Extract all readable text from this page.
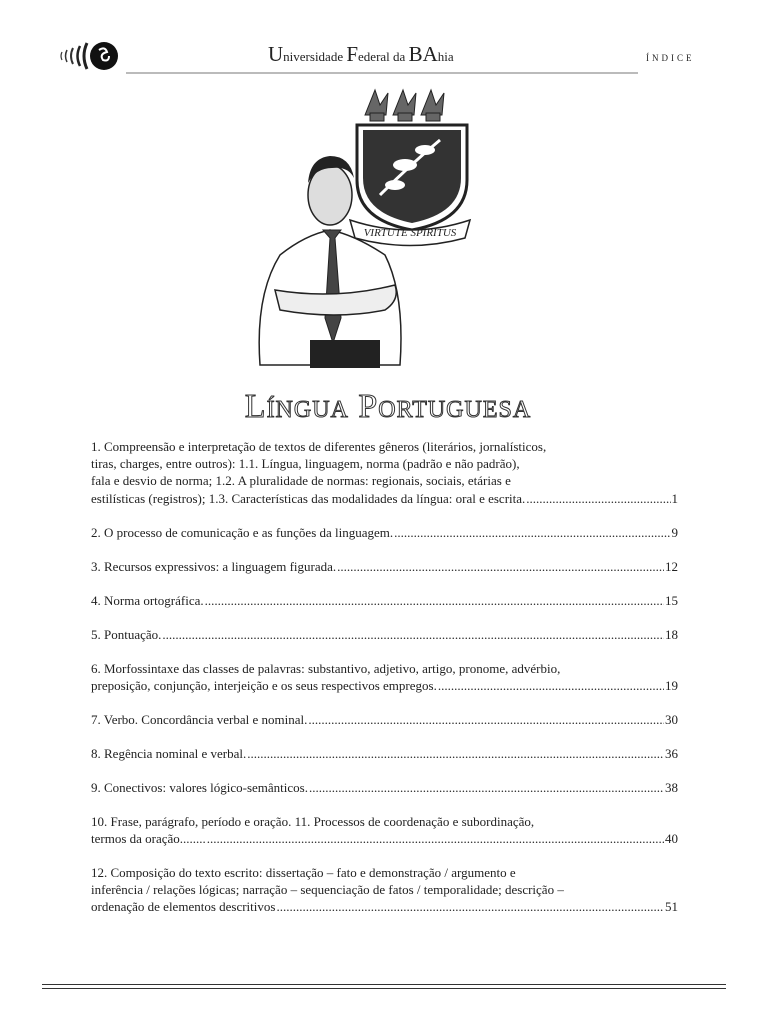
Universidade Federal da BAhia	ÍNDICE
VIRTUTE SPIRITUS
Língua Portuguesa
1. Compreensão e interpretação de textos de diferentes gêneros (literários, jornalísticos,
tiras, charges, entre outros): 1.1. Língua, linguagem, norma (padrão e não padrão),
fala e desvio de norma; 1.2. A pluralidade de normas: regionais, sociais, etárias e
estilísticas (registros); 1.3. Características das modalidades da língua: oral e escrita. .....	1
2. O processo de comunicação e as funções da linguagem. .....	9
3. Recursos expressivos: a linguagem figurada. .....	12
4. Norma ortográfica. .....	15
5. Pontuação. .....	18
6. Morfossintaxe das classes de palavras: substantivo, adjetivo, artigo, pronome, advérbio,
preposição, conjunção, interjeição e os seus respectivos empregos. .....	19
7. Verbo. Concordância verbal e nominal. .....	30
8. Regência nominal e verbal. .....	36
9. Conectivos: valores lógico-semânticos. .....	38
10. Frase, parágrafo, período e oração. 11. Processos de coordenação e subordinação,
termos da oração........ .....	40
12. Composição do texto escrito: dissertação – fato e demonstração / argumento e
inferência / relações lógicas; narração – sequenciação de fatos / temporalidade; descrição –
ordenação de elementos descritivos .....	51
